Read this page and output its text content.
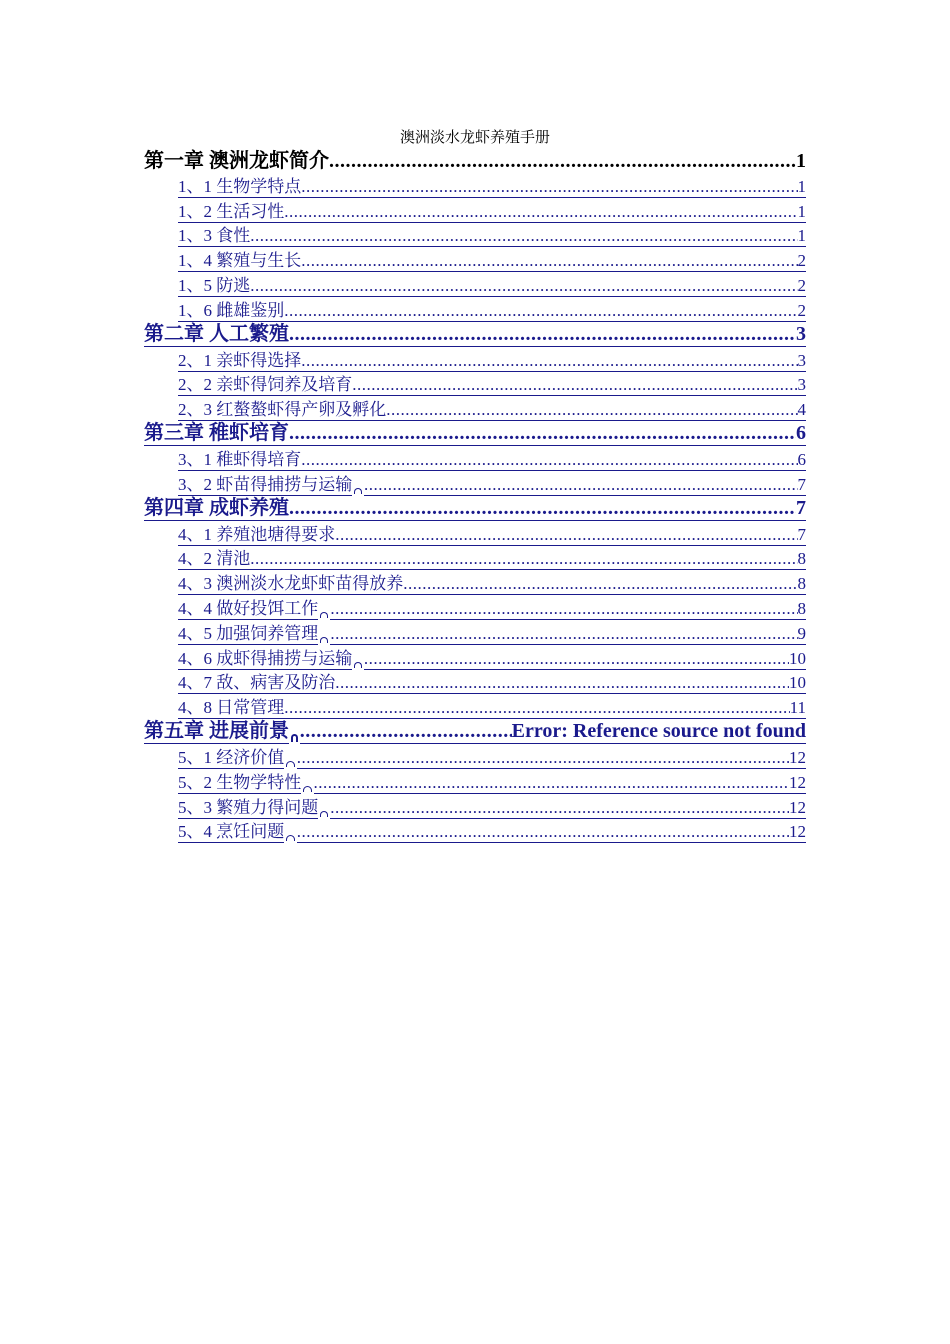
澳洲淡水龙虾养殖手册
第一章 澳洲龙虾简介 .....	1
1、1 生物学特点 .....	1
1、2 生活习性 .....	1
1、3 食性 .....	1
1、4 繁殖与生长 .....	2
1、5 防逃 .....	2
1、6 雌雄鉴别 .....	2
第二章 人工繁殖 .....	3
2、1 亲虾得选择 .....	3
2、2 亲虾得饲养及培育 .....	3
2、3 红螯螯虾得产卵及孵化 .....	4
第三章 稚虾培育 .....	6
3、1 稚虾得培育 .....	6
3、2 虾苗得捕捞与运输 .....	7
第四章 成虾养殖 .....	7
4、1 养殖池塘得要求 .....	7
4、2 清池 .....	8
4、3 澳洲淡水龙虾虾苗得放养 .....	8
4、4 做好投饵工作 .....	8
4、5 加强饲养管理 .....	9
4、6 成虾得捕捞与运输 .....	10
4、7 敌、病害及防治 .....	10
4、8 日常管理 .....	11
第五章 进展前景 .....	Error: Reference source not found
5、1 经济价值 .....	12
5、2 生物学特性 .....	12
5、3 繁殖力得问题 .....	12
5、4 烹饪问题 .....	12
